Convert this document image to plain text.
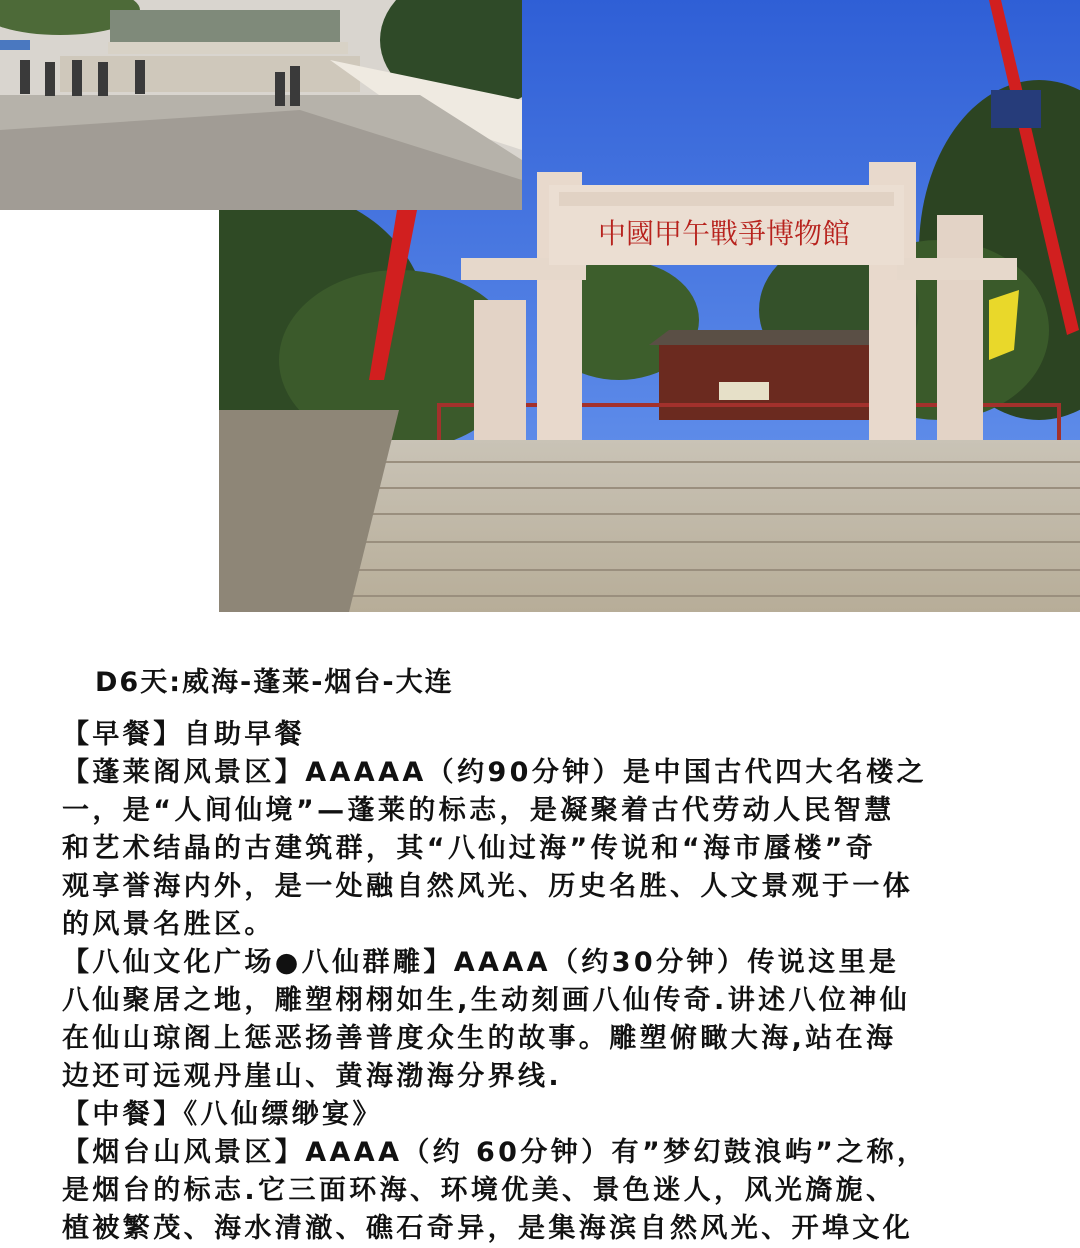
中國甲午戰爭博物館
D6天:威海-蓬莱-烟台-大连
【早餐】自助早餐
【蓬莱阁风景区】AAAAA（约90分钟）是中国古代四大名楼之
一，是“人间仙境”—蓬莱的标志，是凝聚着古代劳动人民智慧
和艺术结晶的古建筑群，其“八仙过海”传说和“海市蜃楼”奇
观享誉海内外，是一处融自然风光、历史名胜、人文景观于一体
的风景名胜区。
【八仙文化广场●八仙群雕】AAAA（约30分钟）传说这里是
八仙聚居之地，雕塑栩栩如生,生动刻画八仙传奇.讲述八位神仙
在仙山琼阁上惩恶扬善普度众生的故事。雕塑俯瞰大海,站在海
边还可远观丹崖山、黄海渤海分界线.
【中餐】《八仙缥缈宴》
【烟台山风景区】AAAA（约 60分钟）有”梦幻鼓浪屿”之称，
是烟台的标志.它三面环海、环境优美、景色迷人，风光旖旎、
植被繁茂、海水清澈、礁石奇异，是集海滨自然风光、开埠文化
